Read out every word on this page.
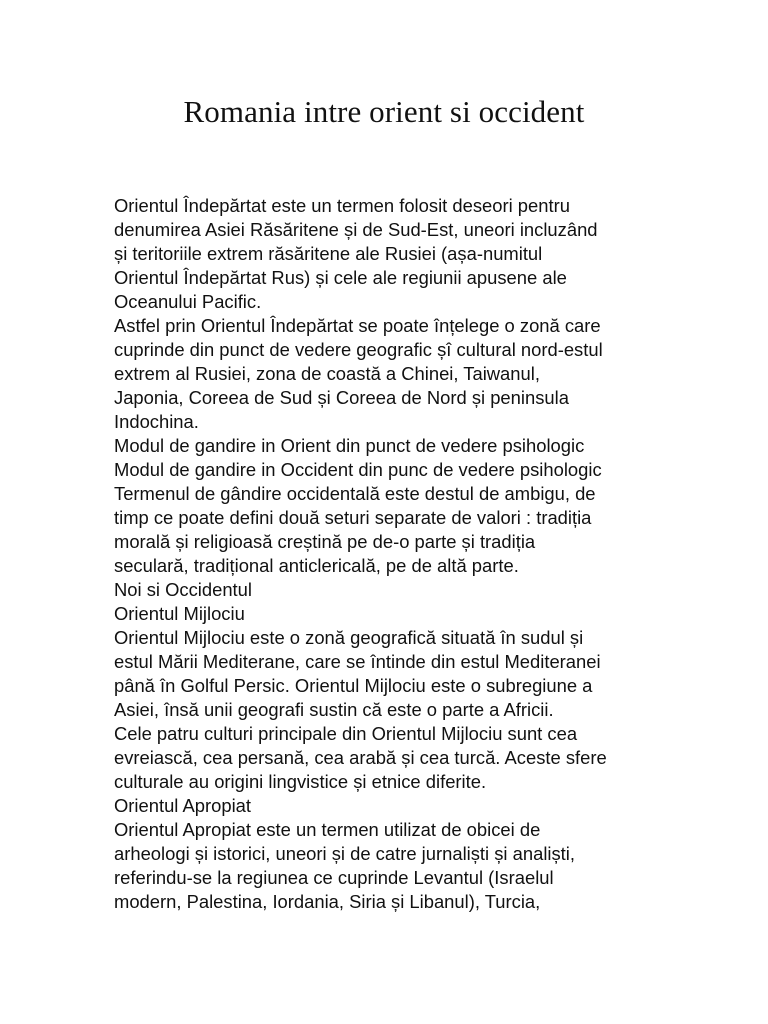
Romania intre orient si occident
Orientul Îndepărtat este un termen folosit deseori pentru
denumirea Asiei Răsăritene și de Sud-Est, uneori incluzând
și teritoriile extrem răsăritene ale Rusiei (așa-numitul
Orientul Îndepărtat Rus) și cele ale regiunii apusene ale
Oceanului Pacific.
Astfel prin Orientul Îndepărtat se poate înțelege o zonă care
cuprinde din punct de vedere geografic șî cultural nord-estul
extrem al Rusiei, zona de coastă a Chinei, Taiwanul,
Japonia, Coreea de Sud și Coreea de Nord și peninsula
Indochina.
Modul de gandire in Orient din punct de vedere psihologic
Modul de gandire in Occident din punc de vedere psihologic
Termenul de gândire occidentală este destul de ambigu, de
timp ce poate defini două seturi separate de valori : tradiția
morală și religioasă creștină pe de-o parte și tradiția
seculară, tradițional anticlericală, pe de altă parte.
Noi si Occidentul
Orientul Mijlociu
Orientul Mijlociu este o zonă geografică situată în sudul și
estul Mării Mediterane, care se întinde din estul Mediteranei
până în Golful Persic. Orientul Mijlociu este o subregiune a
Asiei, însă unii geografi sustin că este o parte a Africii.
Cele patru culturi principale din Orientul Mijlociu sunt cea
evreiască, cea persană, cea arabă și cea turcă. Aceste sfere
culturale au origini lingvistice și etnice diferite.
Orientul Apropiat
Orientul Apropiat este un termen utilizat de obicei de
arheologi și istorici, uneori și de catre jurnaliști și analiști,
referindu-se la regiunea ce cuprinde Levantul (Israelul
modern, Palestina, Iordania, Siria și Libanul), Turcia,
